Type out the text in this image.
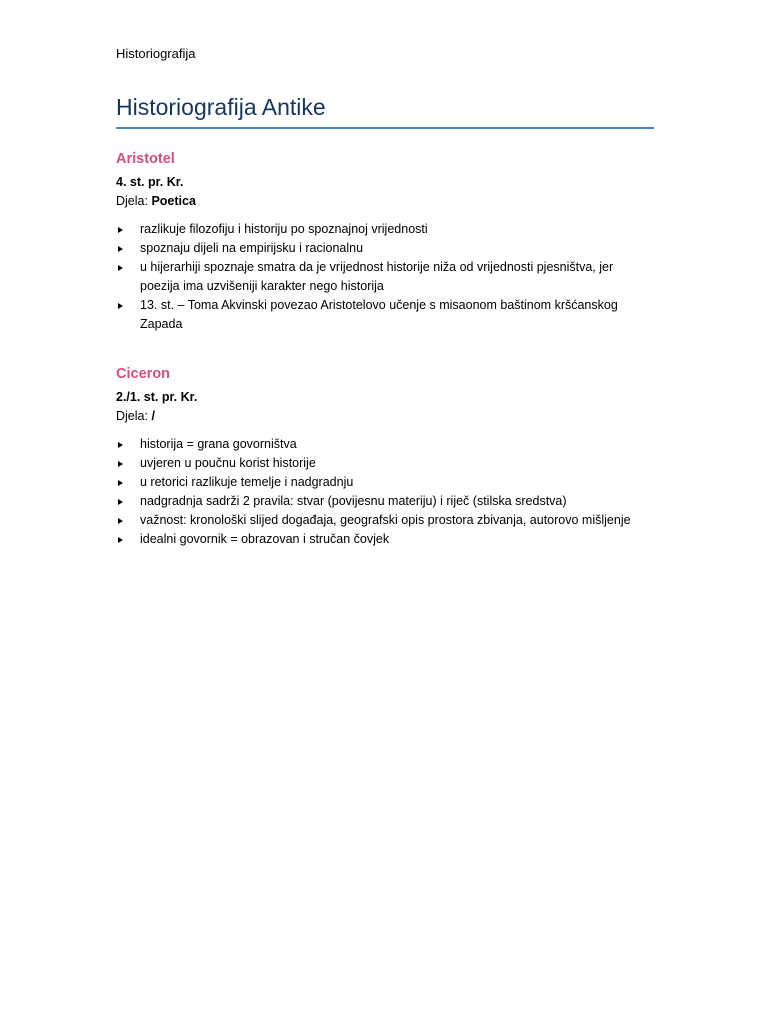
Historiografija
Historiografija Antike
Aristotel
4. st. pr. Kr.
Djela: Poetica
razlikuje filozofiju i historiju po spoznajnoj vrijednosti
spoznaju dijeli na empirijsku i racionalnu
u hijerarhiji spoznaje smatra da je vrijednost historije niža od vrijednosti pjesništva, jer poezija ima uzvišeniji karakter nego historija
13. st. – Toma Akvinski povezao Aristotelovo učenje s misaonom baštinom kršćanskog Zapada
Ciceron
2./1. st. pr. Kr.
Djela: /
historija = grana govorništva
uvjeren u poučnu korist historije
u retorici razlikuje temelje i nadgradnju
nadgradnja sadrži 2 pravila: stvar (povijesnu materiju) i riječ (stilska sredstva)
važnost: kronološki slijed događaja, geografski opis prostora zbivanja, autorovo mišljenje
idealni govornik = obrazovan i stručan čovjek
